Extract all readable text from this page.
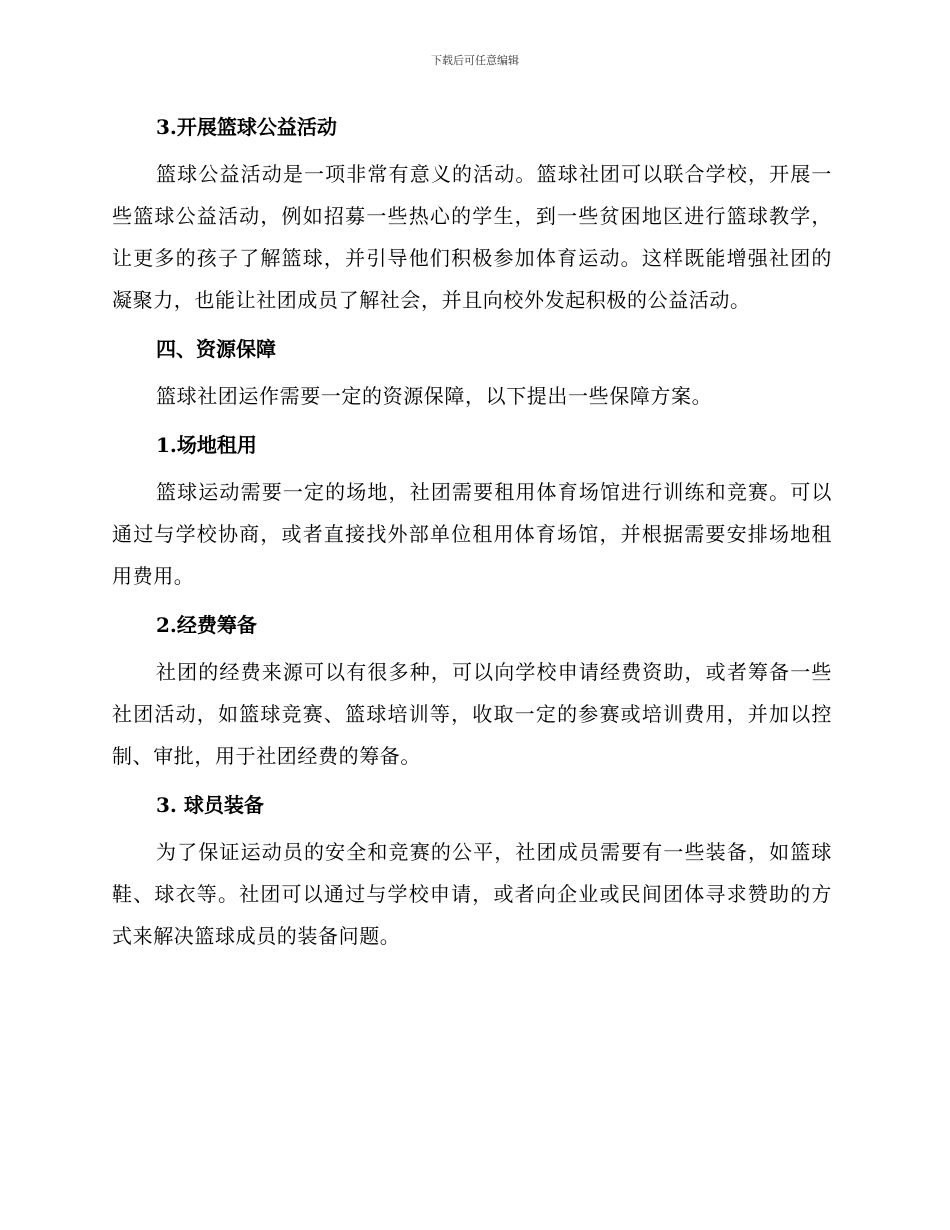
下载后可任意编辑
3.开展篮球公益活动

篮球公益活动是一项非常有意义的活动。篮球社团可以联合学校，开展一些篮球公益活动，例如招募一些热心的学生，到一些贫困地区进行篮球教学，让更多的孩子了解篮球，并引导他们积极参加体育运动。这样既能增强社团的凝聚力，也能让社团成员了解社会，并且向校外发起积极的公益活动。

四、资源保障

篮球社团运作需要一定的资源保障，以下提出一些保障方案。

1.场地租用

篮球运动需要一定的场地，社团需要租用体育场馆进行训练和竞赛。可以通过与学校协商，或者直接找外部单位租用体育场馆，并根据需要安排场地租用费用。

2.经费筹备

社团的经费来源可以有很多种，可以向学校申请经费资助，或者筹备一些社团活动，如篮球竞赛、篮球培训等，收取一定的参赛或培训费用，并加以控制、审批，用于社团经费的筹备。

3. 球员装备

为了保证运动员的安全和竞赛的公平，社团成员需要有一些装备，如篮球鞋、球衣等。社团可以通过与学校申请，或者向企业或民间团体寻求赞助的方式来解决篮球成员的装备问题。
